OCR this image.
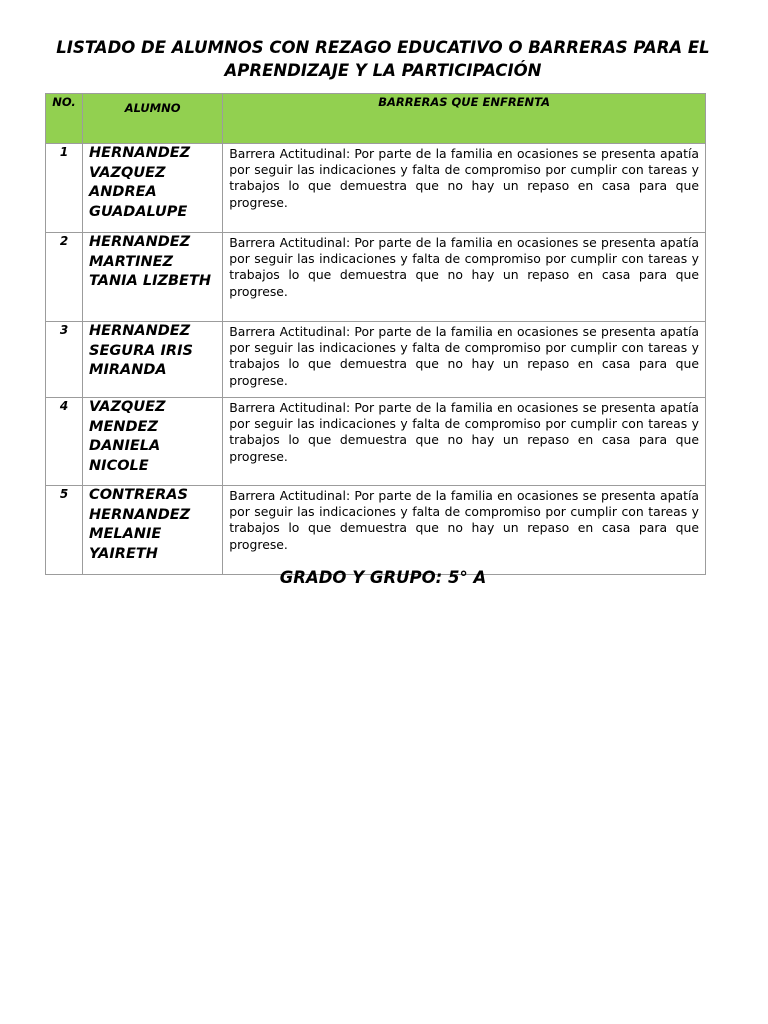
LISTADO DE ALUMNOS CON REZAGO EDUCATIVO O BARRERAS PARA EL APRENDIZAJE Y LA PARTICIPACIÓN
NO.	ALUMNO	BARRERAS QUE ENFRENTA
1	HERNANDEZ VAZQUEZ ANDREA GUADALUPE	Barrera Actitudinal: Por parte de la familia en ocasiones se presenta apatía por seguir las indicaciones y falta de compromiso por cumplir con tareas y trabajos lo que demuestra que no hay un repaso en casa para que progrese.
2	HERNANDEZ MARTINEZ TANIA LIZBETH	Barrera Actitudinal: Por parte de la familia en ocasiones se presenta apatía por seguir las indicaciones y falta de compromiso por cumplir con tareas y trabajos lo que demuestra que no hay un repaso en casa para que progrese.
3	HERNANDEZ SEGURA IRIS MIRANDA	Barrera Actitudinal: Por parte de la familia en ocasiones se presenta apatía por seguir las indicaciones y falta de compromiso por cumplir con tareas y trabajos lo que demuestra que no hay un repaso en casa para que progrese.
4	VAZQUEZ MENDEZ DANIELA NICOLE	Barrera Actitudinal: Por parte de la familia en ocasiones se presenta apatía por seguir las indicaciones y falta de compromiso por cumplir con tareas y trabajos lo que demuestra que no hay un repaso en casa para que progrese.
5	CONTRERAS HERNANDEZ MELANIE YAIRETH	Barrera Actitudinal: Por parte de la familia en ocasiones se presenta apatía por seguir las indicaciones y falta de compromiso por cumplir con tareas y trabajos lo que demuestra que no hay un repaso en casa para que progrese.
GRADO Y GRUPO: 5° A
